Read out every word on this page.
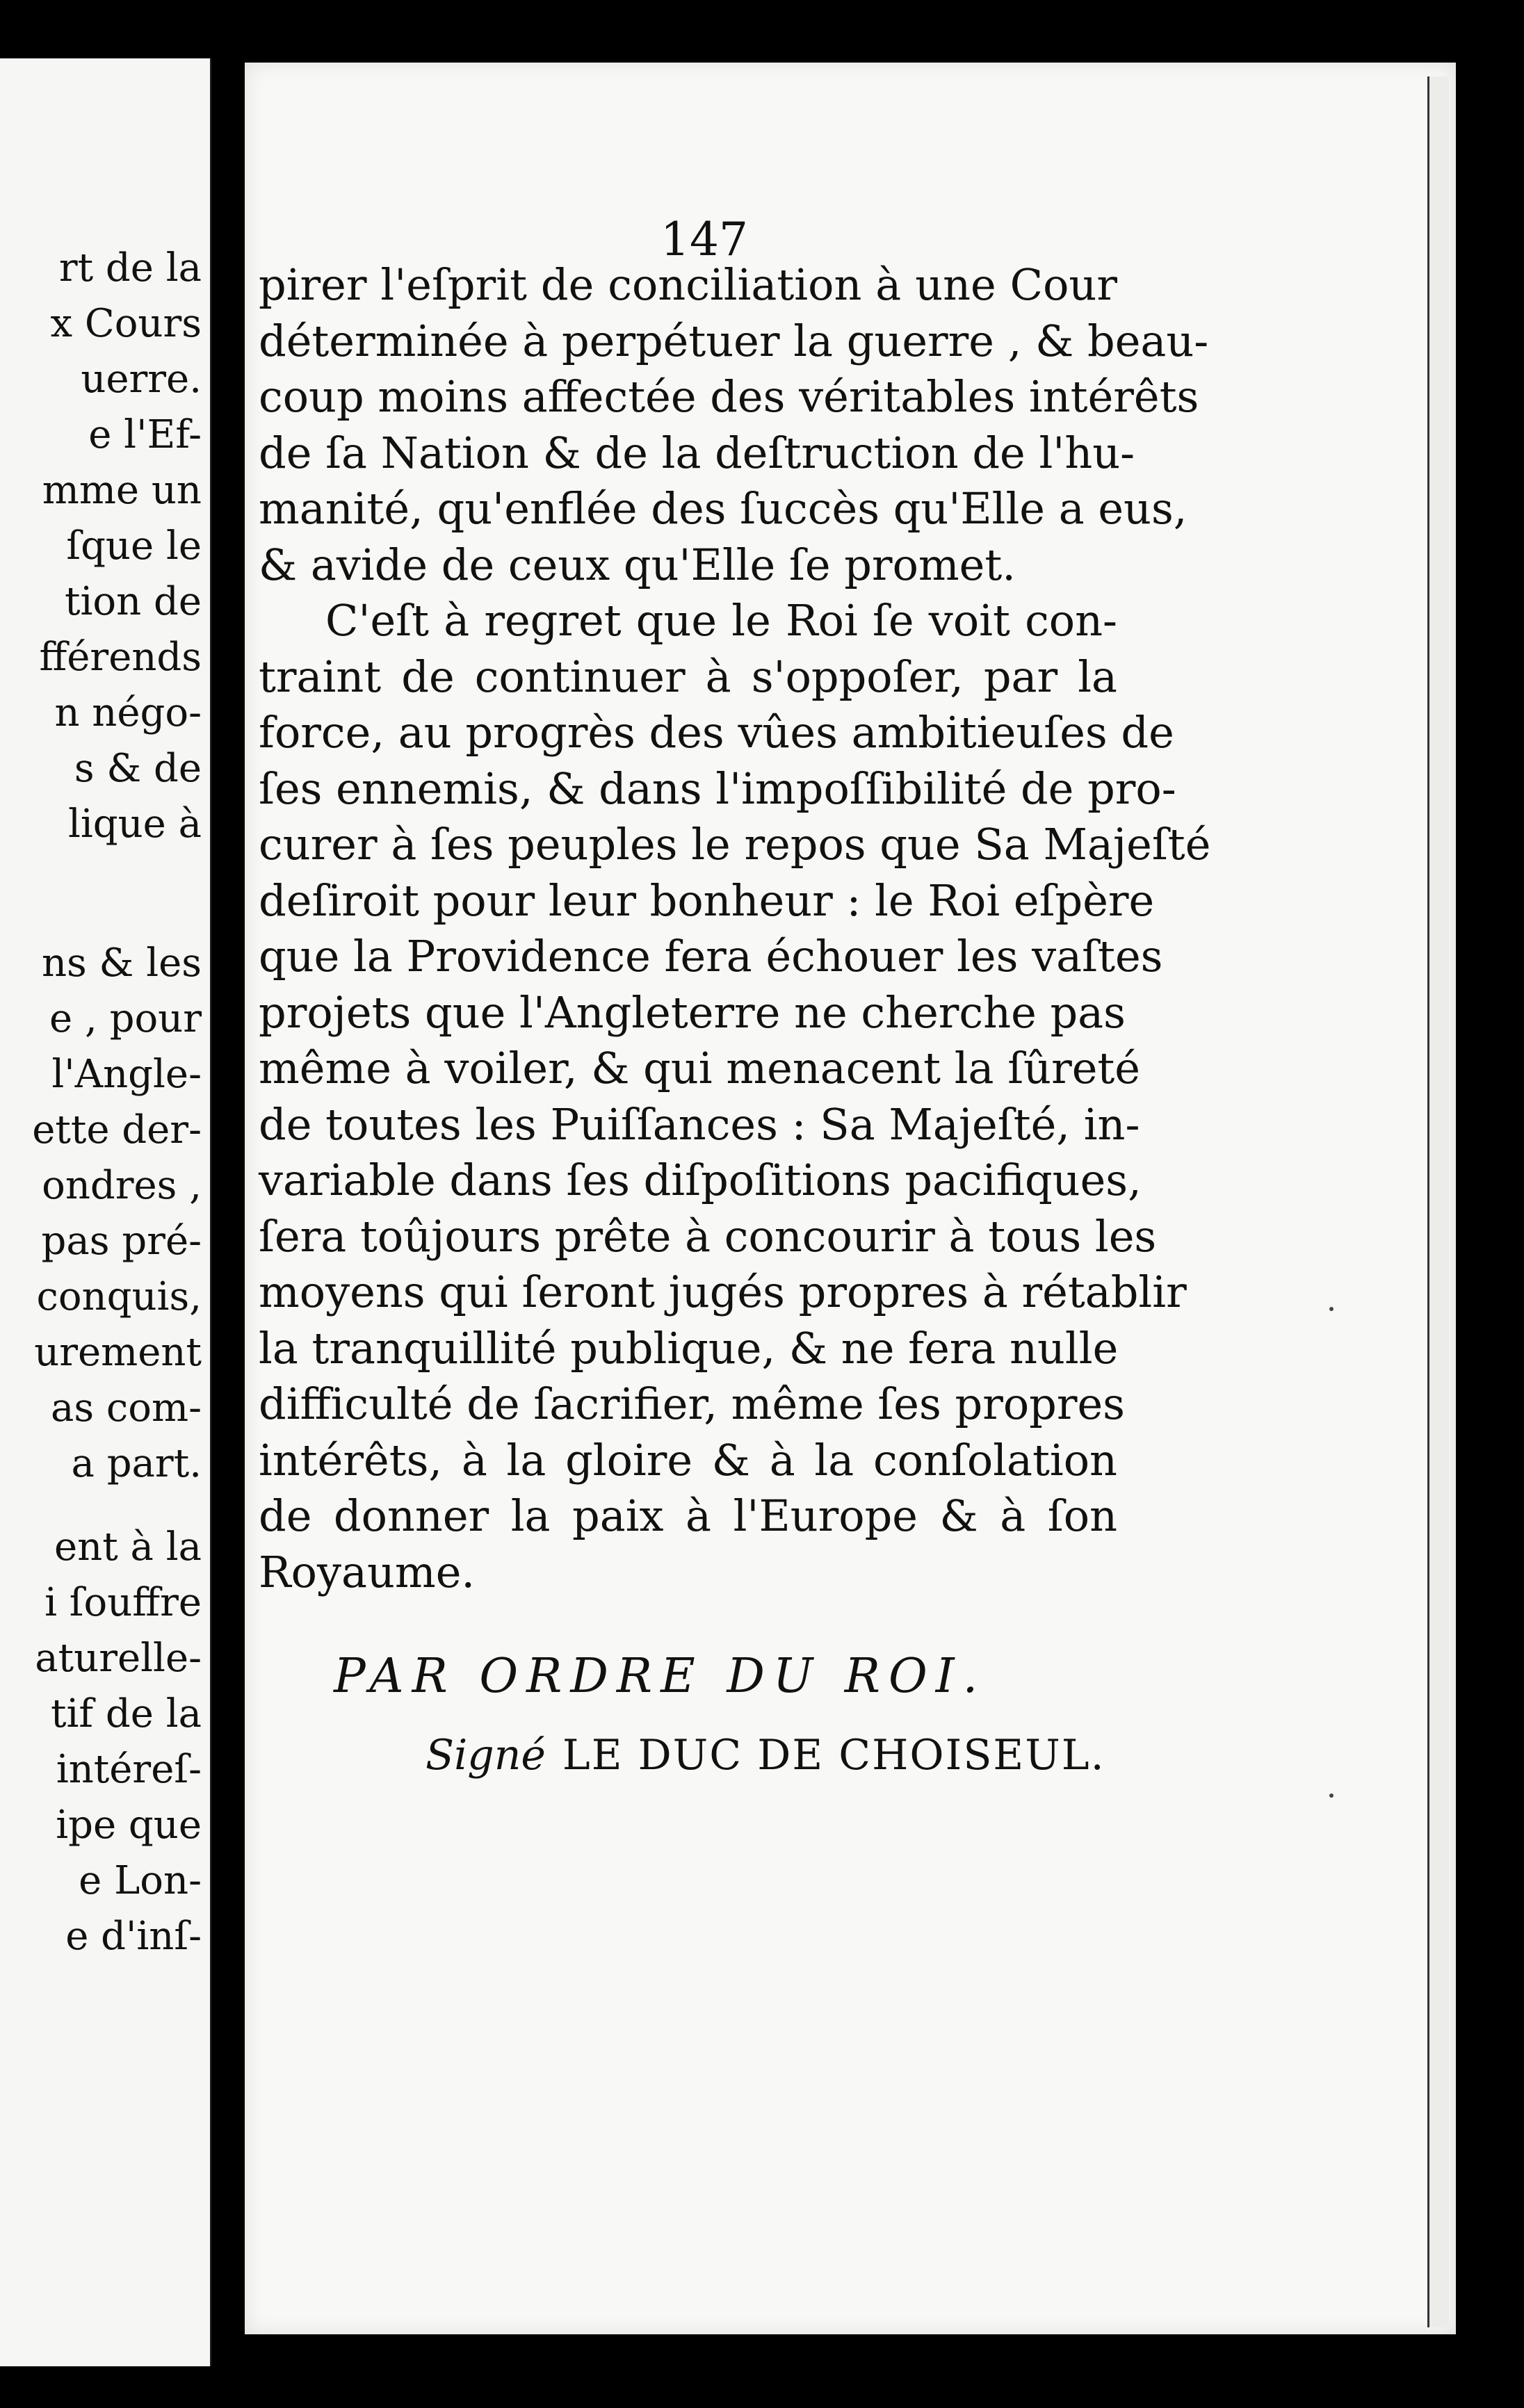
rt de la
x Cours
uerre.
e l'Ef-
mme un
ſque le
tion de
fférends
n négo-
s & de
lique à
ns & les
e , pour
l'Angle-
ette der-
ondres ,
pas pré-
conquis,
urement
as com-
a part.
ent à la
i ſouffre
aturelle-
tif de la
intéreſ-
ipe que
e Lon-
e d'inſ-
147
pirer l'eſprit de conciliation à une Cour
déterminée à perpétuer la guerre , & beau-
coup moins affectée des véritables intérêts
de ſa Nation & de la deſtruction de l'hu-
manité, qu'enflée des ſuccès qu'Elle a eus,
& avide de ceux qu'Elle ſe promet.
C'eſt à regret que le Roi ſe voit con-
traint de continuer à s'oppoſer, par la
force, au progrès des vûes ambitieuſes de
ſes ennemis, & dans l'impoſſibilité de pro-
curer à ſes peuples le repos que Sa Majeſté
deſiroit pour leur bonheur : le Roi eſpère
que la Providence fera échouer les vaſtes
projets que l'Angleterre ne cherche pas
même à voiler, & qui menacent la ſûreté
de toutes les Puiſſances : Sa Majeſté, in-
variable dans ſes diſpoſitions pacifiques,
ſera toûjours prête à concourir à tous les
moyens qui ſeront jugés propres à rétablir
la tranquillité publique, & ne fera nulle
difficulté de ſacrifier, même ſes propres
intérêts, à la gloire & à la conſolation
de donner la paix à l'Europe & à ſon
Royaume.
PAR ORDRE DU ROI.
Signé LE DUC DE CHOISEUL.
